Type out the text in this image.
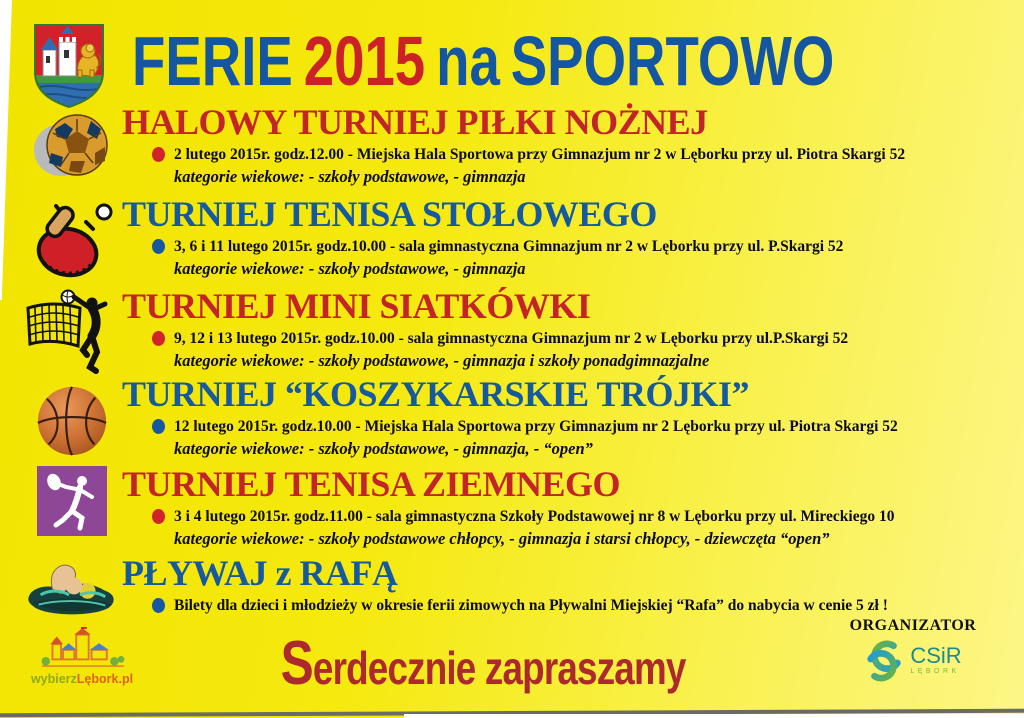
FERIE 2015 na SPORTOWO
HALOWY TURNIEJ PIŁKI NOŻNEJ
2 lutego 2015r. godz.12.00 - Miejska Hala Sportowa przy Gimnazjum nr 2 w Lęborku przy ul. Piotra Skargi 52
kategorie wiekowe: - szkoły podstawowe, - gimnazja
TURNIEJ TENISA STOŁOWEGO
3, 6 i 11 lutego 2015r. godz.10.00 - sala gimnastyczna Gimnazjum nr 2 w Lęborku przy ul. P.Skargi 52
kategorie wiekowe: - szkoły podstawowe, - gimnazja
TURNIEJ MINI SIATKÓWKI
9, 12 i 13 lutego 2015r. godz.10.00 - sala gimnastyczna Gimnazjum nr 2 w Lęborku przy ul.P.Skargi 52
kategorie wiekowe: - szkoły podstawowe, - gimnazja i szkoły ponadgimnazjalne
TURNIEJ “KOSZYKARSKIE TRÓJKI”
12 lutego 2015r. godz.10.00 - Miejska Hala Sportowa przy Gimnazjum nr 2 Lęborku przy ul. Piotra Skargi 52
kategorie wiekowe: - szkoły podstawowe, - gimnazja, - “open”
TURNIEJ TENISA ZIEMNEGO
3 i 4 lutego 2015r. godz.11.00 - sala gimnastyczna Szkoły Podstawowej nr 8 w Lęborku przy ul. Mireckiego 10
kategorie wiekowe: - szkoły podstawowe chłopcy, - gimnazja i starsi chłopcy, - dziewczęta “open”
PŁYWAJ z RAFĄ
Bilety dla dzieci i młodzieży w okresie ferii zimowych na Pływalni Miejskiej “Rafa” do nabycia w cenie 5 zł !
wybierzLębork.pl	Serdecznie zapraszamy
ORGANIZATOR
CSiR
LĘBORK
